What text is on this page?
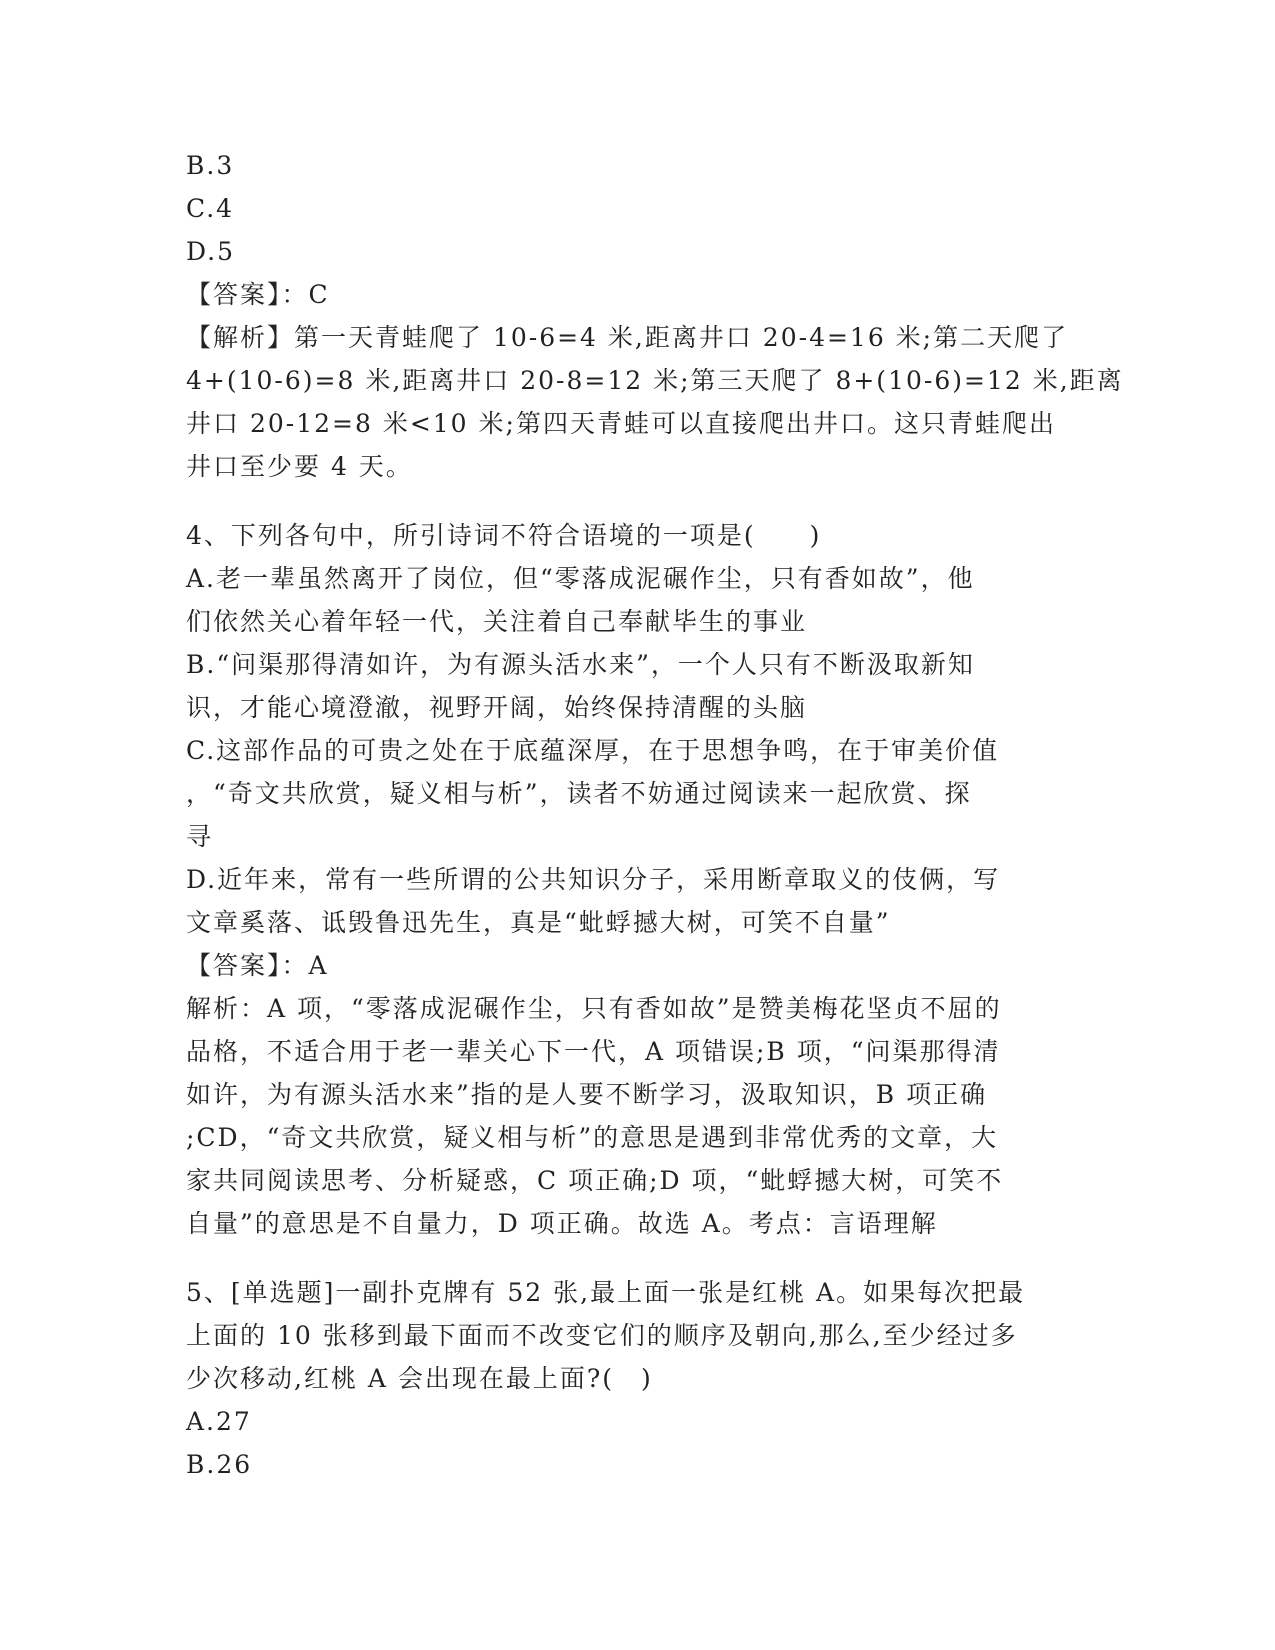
B.3
C.4
D.5
【答案】：C
【解析】第一天青蛙爬了 10-6=4 米,距离井口 20-4=16 米;第二天爬了
4+(10-6)=8 米,距离井口 20-8=12 米;第三天爬了 8+(10-6)=12 米,距离
井口 20-12=8 米<10 米;第四天青蛙可以直接爬出井口。这只青蛙爬出
井口至少要 4 天。
4、下列各句中，所引诗词不符合语境的一项是(　　)
A.老一辈虽然离开了岗位，但“零落成泥碾作尘，只有香如故”，他
们依然关心着年轻一代，关注着自己奉献毕生的事业
B.“问渠那得清如许，为有源头活水来”，一个人只有不断汲取新知
识，才能心境澄澈，视野开阔，始终保持清醒的头脑
C.这部作品的可贵之处在于底蕴深厚，在于思想争鸣，在于审美价值
，“奇文共欣赏，疑义相与析”，读者不妨通过阅读来一起欣赏、探
寻
D.近年来，常有一些所谓的公共知识分子，采用断章取义的伎俩，写
文章奚落、诋毁鲁迅先生，真是“蚍蜉撼大树，可笑不自量”
【答案】：A
解析：A 项，“零落成泥碾作尘，只有香如故”是赞美梅花坚贞不屈的
品格，不适合用于老一辈关心下一代，A 项错误;B 项，“问渠那得清
如许，为有源头活水来”指的是人要不断学习，汲取知识，B 项正确
;CD，“奇文共欣赏，疑义相与析”的意思是遇到非常优秀的文章，大
家共同阅读思考、分析疑惑，C 项正确;D 项，“蚍蜉撼大树，可笑不
自量”的意思是不自量力，D 项正确。故选 A。考点：言语理解
5、[单选题]一副扑克牌有 52 张,最上面一张是红桃 A。如果每次把最
上面的 10 张移到最下面而不改变它们的顺序及朝向,那么,至少经过多
少次移动,红桃 A 会出现在最上面?(　)
A.27
B.26
